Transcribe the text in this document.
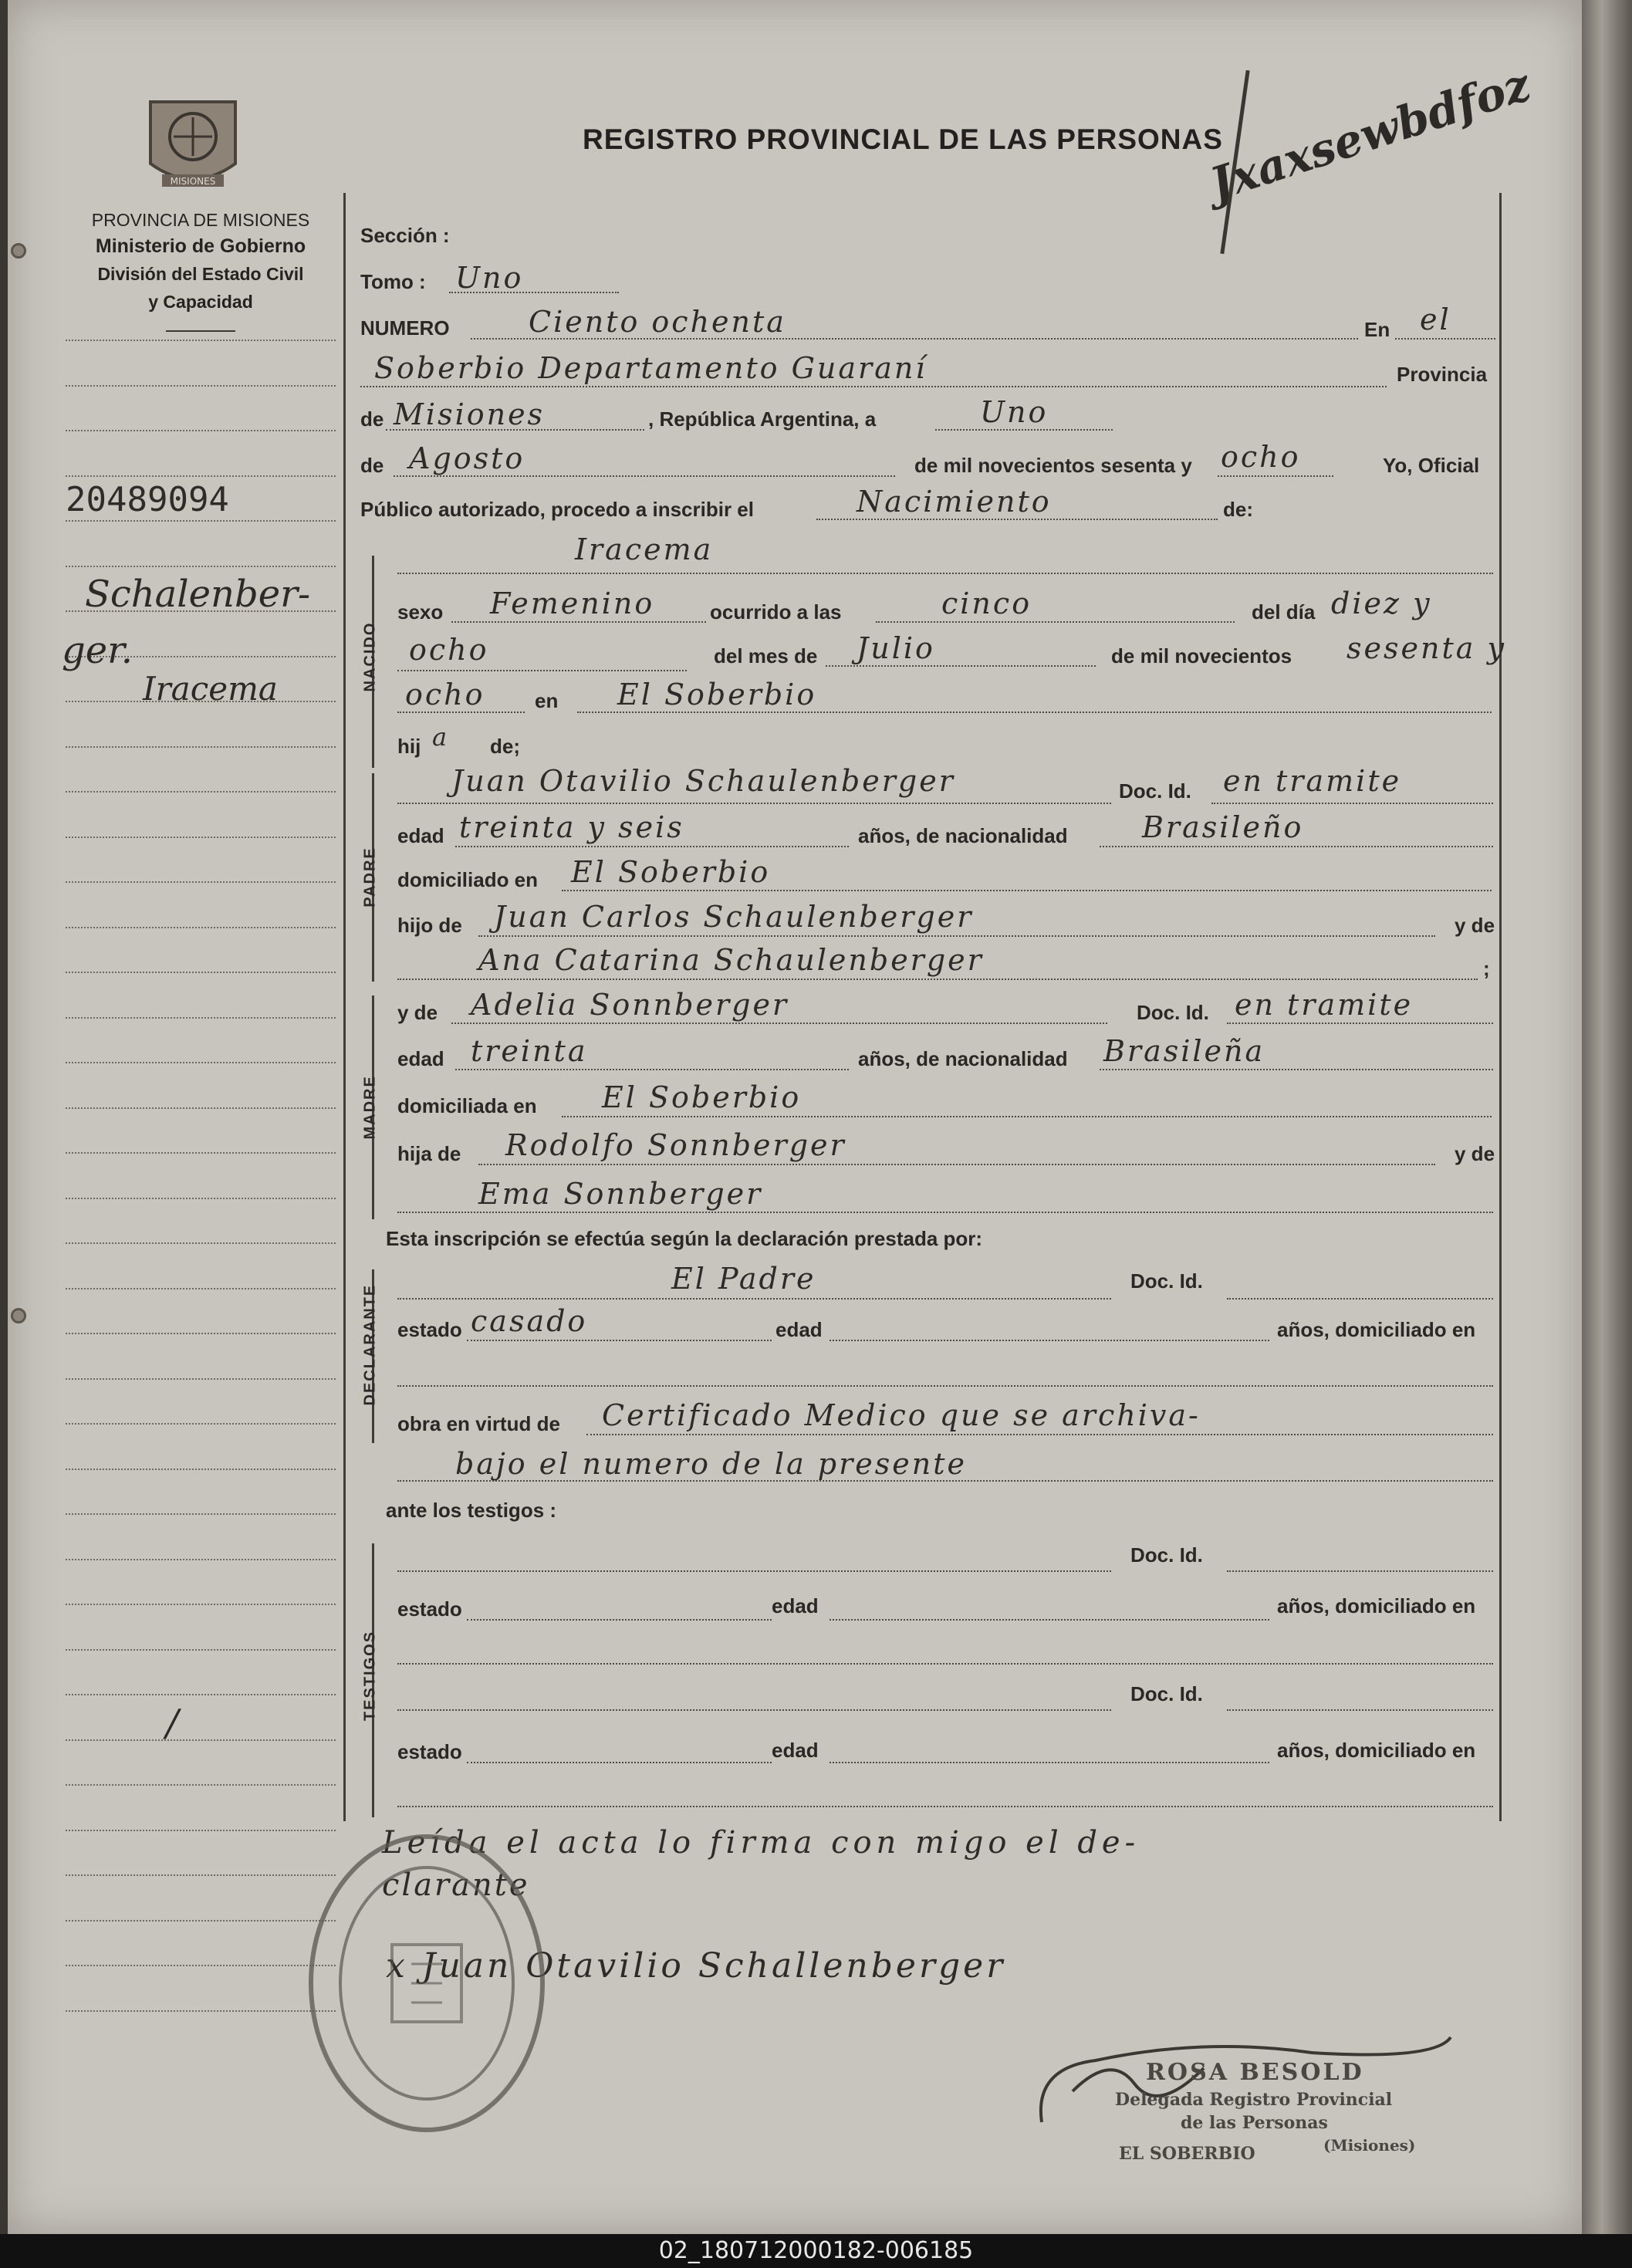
MISIONES
PROVINCIA DE MISIONES
Ministerio de Gobierno
División del Estado Civil
y Capacidad
20489094
Schalenber-
ger.
Iracema
/
REGISTRO PROVINCIAL DE LAS PERSONAS
Jxaxsewbdfoz
Sección :
Tomo : Uno
NUMERO	Ciento ochenta	En el
Soberbio Departamento Guaraní	Provincia
de Misiones	, República Argentina, a	Uno
de Agosto	de mil novecientos sesenta y ocho	Yo, Oficial
Público autorizado, procedo a inscribir el	Nacimiento	de:
NACIDO
Iracema
sexo Femenino	ocurrido a las	cinco	del día diez y
ocho	del mes de Julio	de mil novecientos sesenta y
ocho en El Soberbio
hij a de;
PADRE
Juan Otavilio Schaulenberger	Doc. Id. en tramite
edad treinta y seis	años, de nacionalidad	Brasileño
domiciliado en El Soberbio
hijo de Juan Carlos Schaulenberger	y de
Ana Catarina Schaulenberger	;
MADRE
y de Adelia Sonnberger	Doc. Id. en tramite
edad treinta	años, de nacionalidad Brasileña
domiciliada en El Soberbio
hija de Rodolfo Sonnberger	y de
Ema Sonnberger
Esta inscripción se efectúa según la declaración prestada por:
DECLARANTE
El Padre	Doc. Id.
estado casado	edad	años, domiciliado en
obra en virtud de Certificado Medico que se archiva-
bajo el numero de la presente
ante los testigos :
TESTIGOS
Doc. Id.
estado	edad	años, domiciliado en
Doc. Id.
estado	edad	años, domiciliado en
Leída el acta lo firma con migo el de-
clarante
x Juan Otavilio Schallenberger
ROSA BESOLD
Delegada Registro Provincial
de las Personas
EL SOBERBIO	(Misiones)
02_180712000182-006185
